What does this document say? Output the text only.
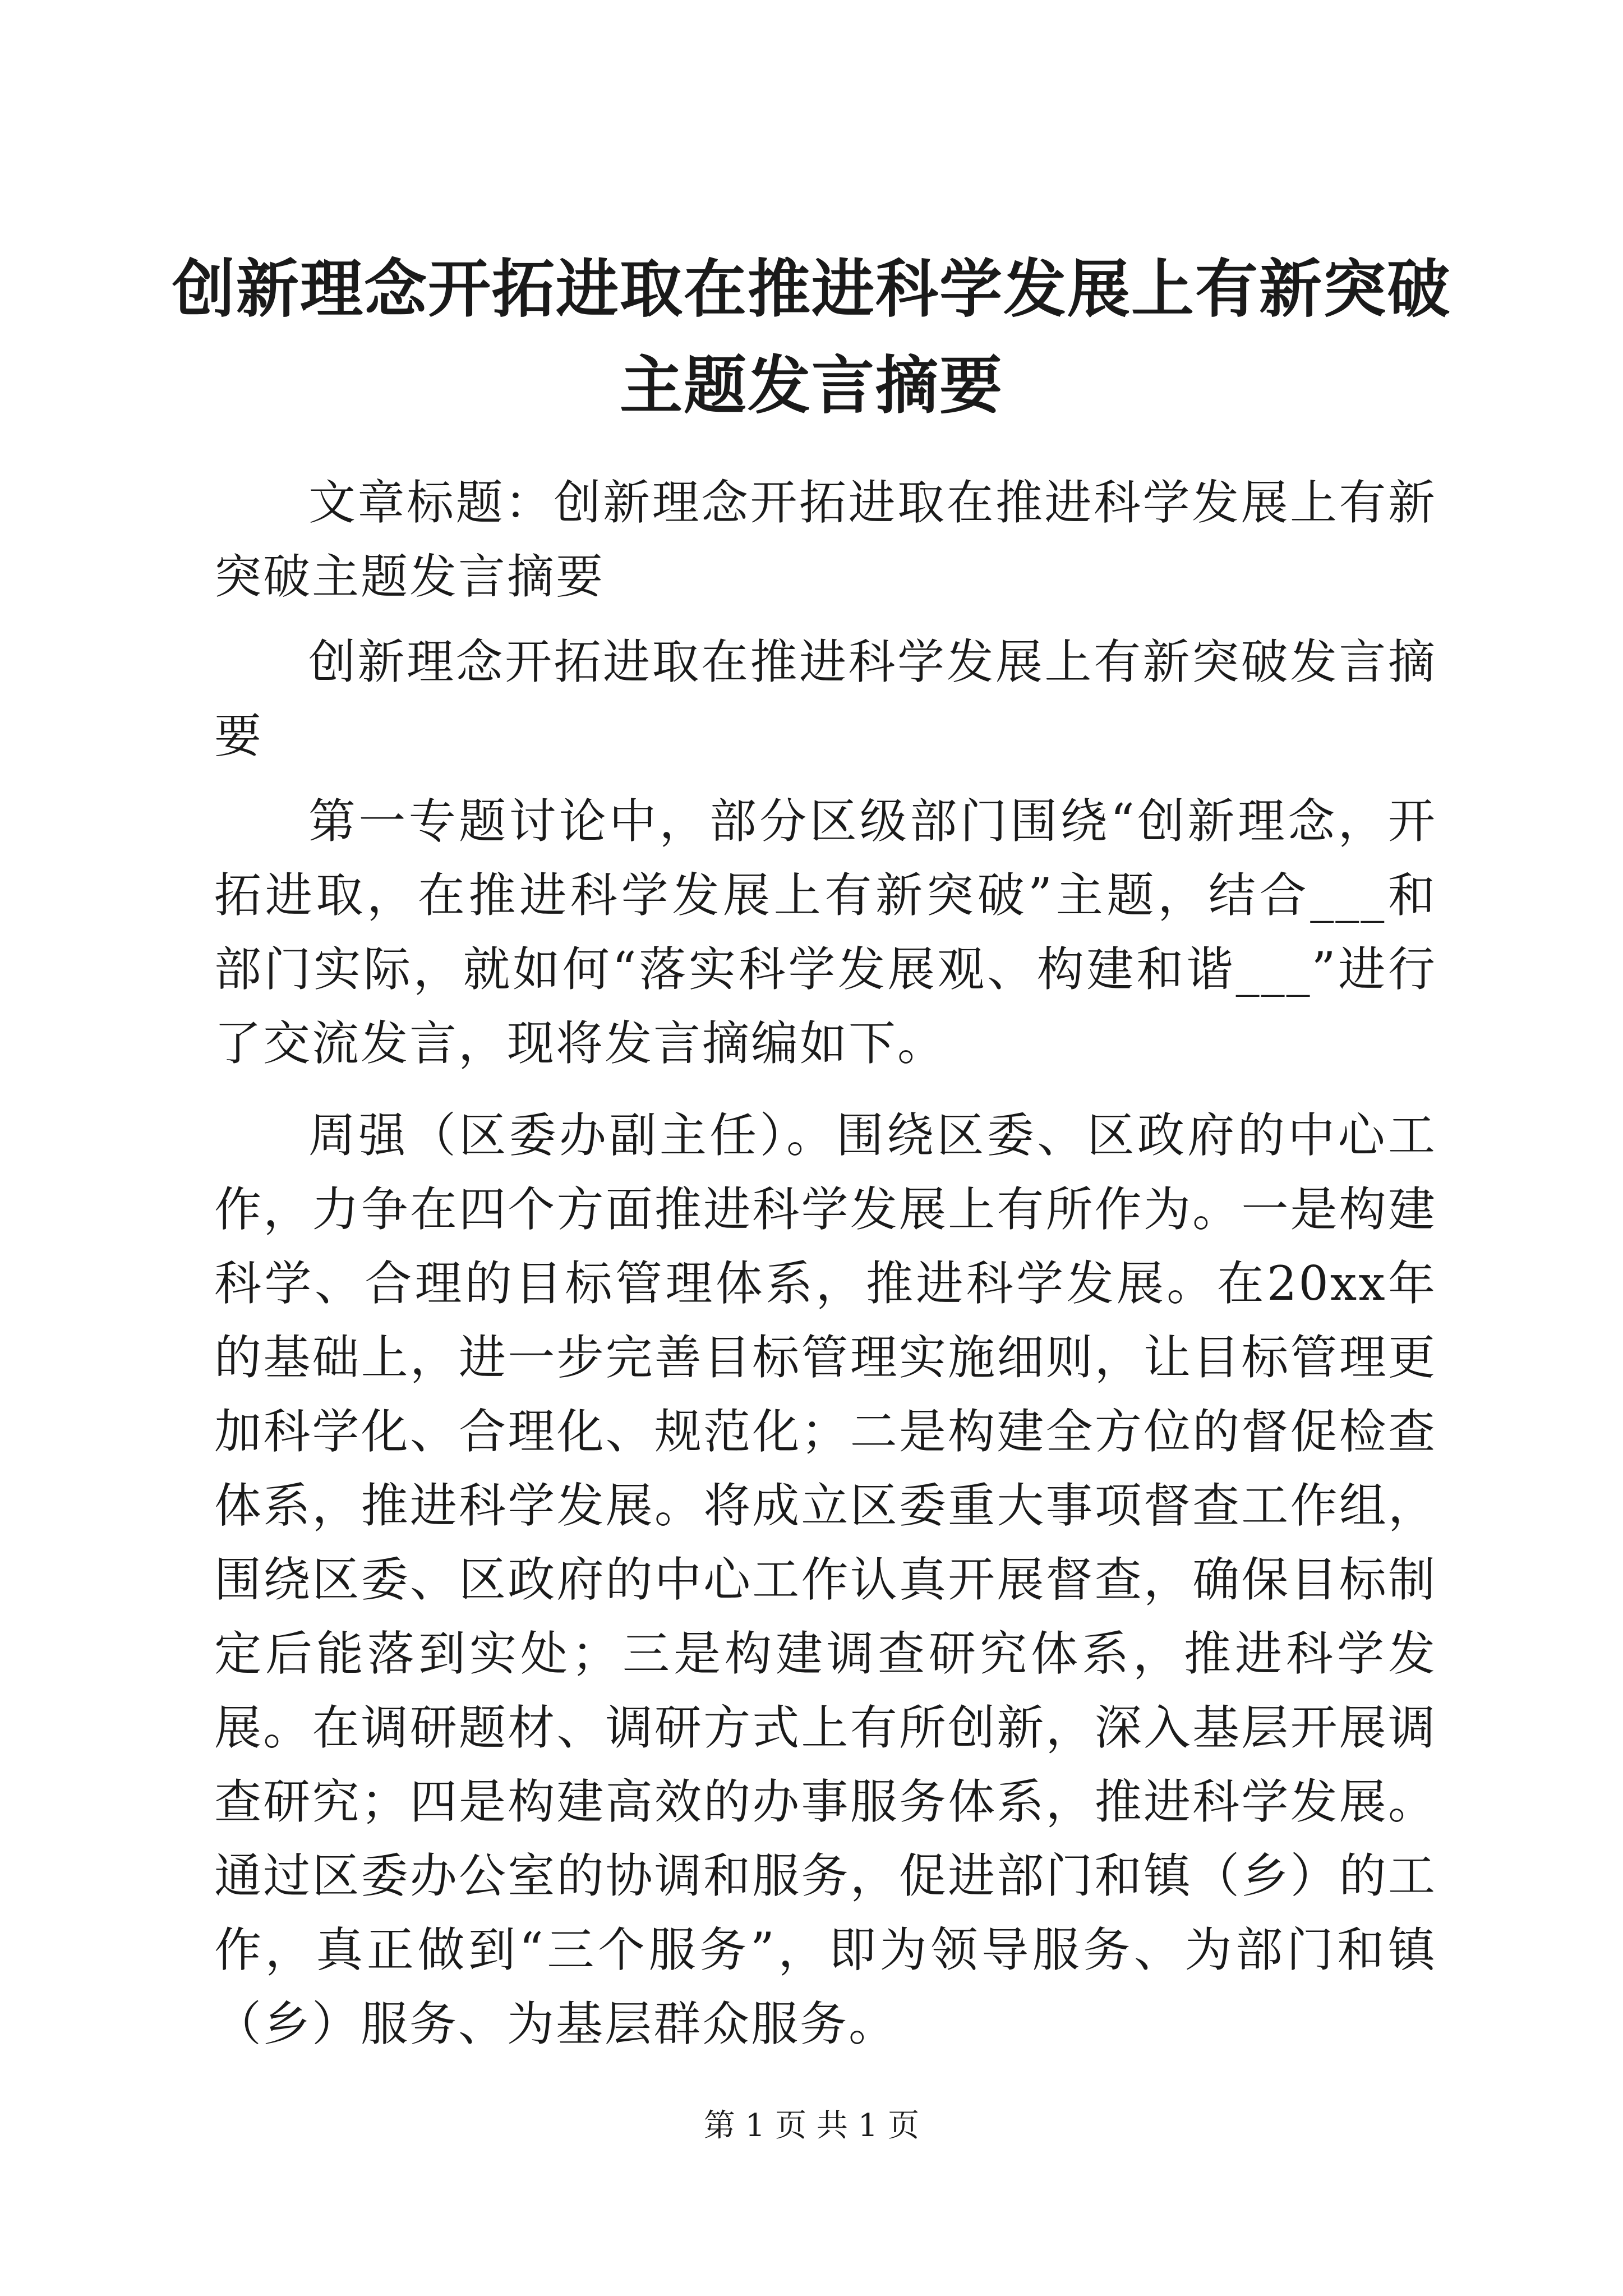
创新理念开拓进取在推进科学发展上有新突破
主题发言摘要

文章标题：创新理念开拓进取在推进科学发展上有新突破主题发言摘要

创新理念开拓进取在推进科学发展上有新突破发言摘要

第一专题讨论中，部分区级部门围绕“创新理念，开拓进取，在推进科学发展上有新突破”主题，结合___和部门实际，就如何“落实科学发展观、构建和谐___”进行了交流发言，现将发言摘编如下。

周强（区委办副主任）。围绕区委、区政府的中心工作，力争在四个方面推进科学发展上有所作为。一是构建科学、合理的目标管理体系，推进科学发展。在20xx年的基础上，进一步完善目标管理实施细则，让目标管理更加科学化、合理化、规范化；二是构建全方位的督促检查体系，推进科学发展。将成立区委重大事项督查工作组，围绕区委、区政府的中心工作认真开展督查，确保目标制定后能落到实处；三是构建调查研究体系，推进科学发展。在调研题材、调研方式上有所创新，深入基层开展调查研究；四是构建高效的办事服务体系，推进科学发展。通过区委办公室的协调和服务，促进部门和镇（乡）的工作，真正做到“三个服务”，即为领导服务、为部门和镇（乡）服务、为基层群众服务。

第 1 页 共 1 页
